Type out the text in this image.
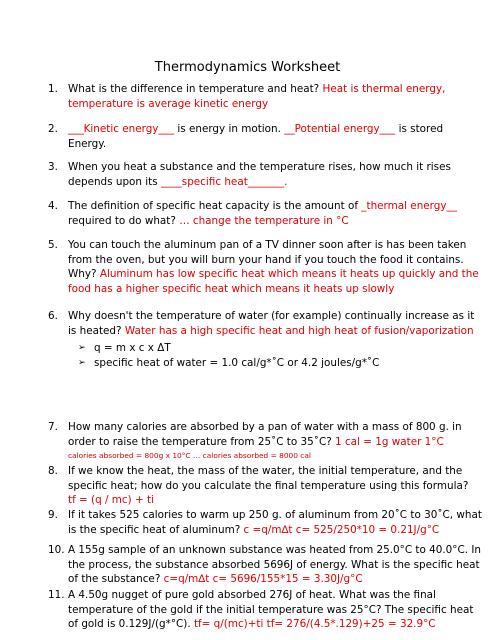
Thermodynamics Worksheet
1. What is the difference in temperature and heat? Heat is thermal energy, temperature is average kinetic energy
2. ___Kinetic energy___ is energy in motion. __Potential energy___ is stored Energy.
3. When you heat a substance and the temperature rises, how much it rises depends upon its ____specific heat_______.
4. The definition of specific heat capacity is the amount of _thermal energy__ required to do what? … change the temperature in °C
5. You can touch the aluminum pan of a TV dinner soon after is has been taken from the oven, but you will burn your hand if you touch the food it contains. Why? Aluminum has low specific heat which means it heats up quickly and the food has a higher specific heat which means it heats up slowly
6. Why doesn't the temperature of water (for example) continually increase as it is heated? Water has a high specific heat and high heat of fusion/vaporization
➢ q = m x c x ΔT
➢ specific heat of water = 1.0 cal/g*˚C or 4.2 joules/g*˚C
7. How many calories are absorbed by a pan of water with a mass of 800 g. in order to raise the temperature from 25˚C to 35˚C? 1 cal = 1g water 1°C
calories absorbed = 800g x 10°C … calories absorbed = 8000 cal
8. If we know the heat, the mass of the water, the initial temperature, and the specific heat; how do you calculate the final temperature using this formula?
tf = (q / mc) + ti
9. If it takes 525 calories to warm up 250 g. of aluminum from 20˚C to 30˚C, what is the specific heat of aluminum? c =q/m∆t c= 525/250*10 = 0.21J/g°C
10. A 155g sample of an unknown substance was heated from 25.0°C to 40.0°C. In the process, the substance absorbed 5696J of energy. What is the specific heat of the substance? c=q/m∆t c= 5696/155*15 = 3.30J/g°C
11. A 4.50g nugget of pure gold absorbed 276J of heat. What was the final temperature of the gold if the initial temperature was 25°C? The specific heat of gold is 0.129J/(g*°C). tf= q/(mc)+ti tf= 276/(4.5*.129)+25 = 32.9°C
